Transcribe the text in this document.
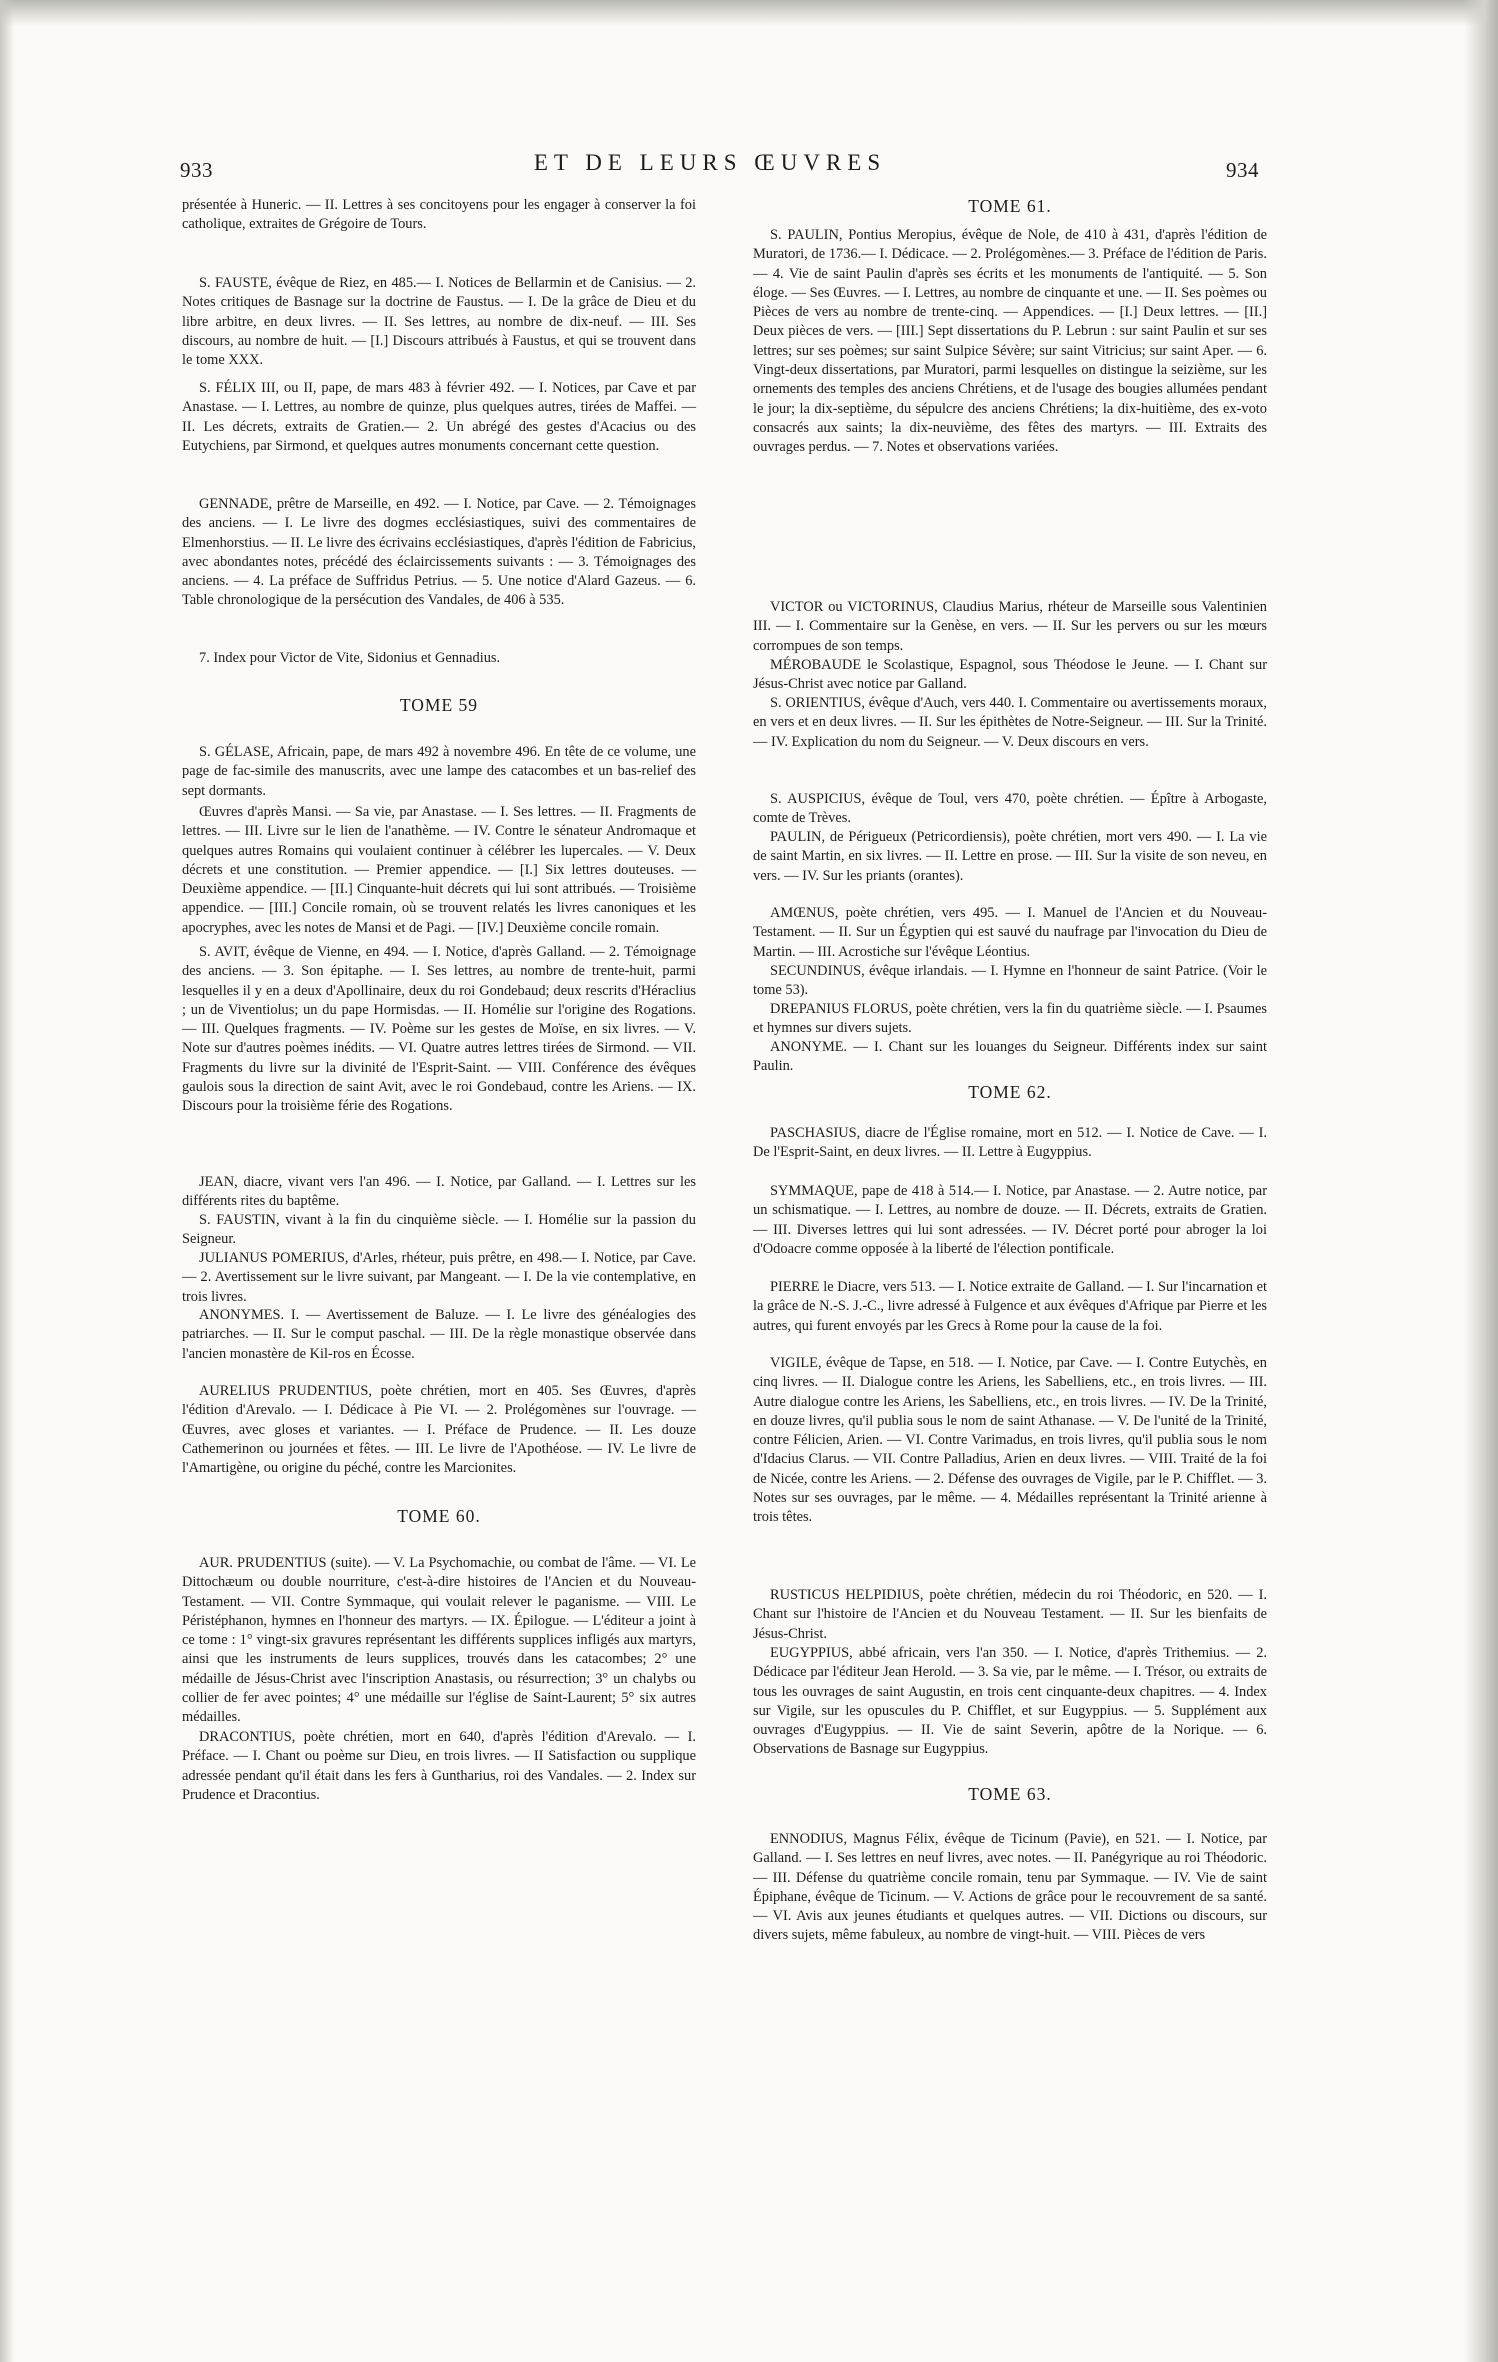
933	ET DE LEURS ŒUVRES	934

présentée à Huneric. — II. Lettres à ses concitoyens pour les engager à conserver la foi catholique, extraites de Grégoire de Tours.

S. FAUSTE, évêque de Riez, en 485.— I. Notices de Bellarmin et de Canisius. — 2. Notes critiques de Basnage sur la doctrine de Faustus. — I. De la grâce de Dieu et du libre arbitre, en deux livres. — II. Ses lettres, au nombre de dix-neuf. — III. Ses discours, au nombre de huit. — [I.] Discours attribués à Faustus, et qui se trouvent dans le tome XXX.

S. FÉLIX III, ou II, pape, de mars 483 à février 492. — I. Notices, par Cave et par Anastase. — I. Lettres, au nombre de quinze, plus quelques autres, tirées de Maffei. — II. Les décrets, extraits de Gratien.— 2. Un abrégé des gestes d'Acacius ou des Eutychiens, par Sirmond, et quelques autres monuments concernant cette question.

GENNADE, prêtre de Marseille, en 492. — I. Notice, par Cave. — 2. Témoignages des anciens. — I. Le livre des dogmes ecclésiastiques, suivi des commentaires de Elmenhorstius. — II. Le livre des écrivains ecclésiastiques, d'après l'édition de Fabricius, avec abondantes notes, précédé des éclaircissements suivants : — 3. Témoignages des anciens. — 4. La préface de Suffridus Petrius. — 5. Une notice d'Alard Gazeus. — 6. Table chronologique de la persécution des Vandales, de 406 à 535.

7. Index pour Victor de Vite, Sidonius et Gennadius.

TOME 59

S. GÉLASE, Africain, pape, de mars 492 à novembre 496. En tête de ce volume, une page de fac-simile des manuscrits, avec une lampe des catacombes et un bas-relief des sept dormants.

Œuvres d'après Mansi. — Sa vie, par Anastase. — I. Ses lettres. — II. Fragments de lettres. — III. Livre sur le lien de l'anathème. — IV. Contre le sénateur Andromaque et quelques autres Romains qui voulaient continuer à célébrer les lupercales. — V. Deux décrets et une constitution. — Premier appendice. — [I.] Six lettres douteuses. — Deuxième appendice. — [II.] Cinquante-huit décrets qui lui sont attribués. — Troisième appendice. — [III.] Concile romain, où se trouvent relatés les livres canoniques et les apocryphes, avec les notes de Mansi et de Pagi. — [IV.] Deuxième concile romain.

S. AVIT, évêque de Vienne, en 494. — I. Notice, d'après Galland. — 2. Témoignage des anciens. — 3. Son épitaphe. — I. Ses lettres, au nombre de trente-huit, parmi lesquelles il y en a deux d'Apollinaire, deux du roi Gondebaud; deux rescrits d'Héraclius ; un de Viventiolus; un du pape Hormisdas. — II. Homélie sur l'origine des Rogations. — III. Quelques fragments. — IV. Poème sur les gestes de Moïse, en six livres. — V. Note sur d'autres poèmes inédits. — VI. Quatre autres lettres tirées de Sirmond. — VII. Fragments du livre sur la divinité de l'Esprit-Saint. — VIII. Conférence des évêques gaulois sous la direction de saint Avit, avec le roi Gondebaud, contre les Ariens. — IX. Discours pour la troisième férie des Rogations.

JEAN, diacre, vivant vers l'an 496. — I. Notice, par Galland. — I. Lettres sur les différents rites du baptême.

S. FAUSTIN, vivant à la fin du cinquième siècle. — I. Homélie sur la passion du Seigneur.

JULIANUS POMERIUS, d'Arles, rhéteur, puis prêtre, en 498.— I. Notice, par Cave. — 2. Avertissement sur le livre suivant, par Mangeant. — I. De la vie contemplative, en trois livres.

ANONYMES. I. — Avertissement de Baluze. — I. Le livre des généalogies des patriarches. — II. Sur le comput paschal. — III. De la règle monastique observée dans l'ancien monastère de Kil-ros en Écosse.

AURELIUS PRUDENTIUS, poète chrétien, mort en 405. Ses Œuvres, d'après l'édition d'Arevalo. — I. Dédicace à Pie VI. — 2. Prolégomènes sur l'ouvrage. — Œuvres, avec gloses et variantes. — I. Préface de Prudence. — II. Les douze Cathemerinon ou journées et fêtes. — III. Le livre de l'Apothéose. — IV. Le livre de l'Amartigène, ou origine du péché, contre les Marcionites.

TOME 60.

AUR. PRUDENTIUS (suite). — V. La Psychomachie, ou combat de l'âme. — VI. Le Dittochæum ou double nourriture, c'est-à-dire histoires de l'Ancien et du Nouveau-Testament. — VII. Contre Symmaque, qui voulait relever le paganisme. — VIII. Le Péristéphanon, hymnes en l'honneur des martyrs. — IX. Épilogue. — L'éditeur a joint à ce tome : 1° vingt-six gravures représentant les différents supplices infligés aux martyrs, ainsi que les instruments de leurs supplices, trouvés dans les catacombes; 2° une médaille de Jésus-Christ avec l'inscription Anastasis, ou résurrection; 3° un chalybs ou collier de fer avec pointes; 4° une médaille sur l'église de Saint-Laurent; 5° six autres médailles.

DRACONTIUS, poète chrétien, mort en 640, d'après l'édition d'Arevalo. — I. Préface. — I. Chant ou poème sur Dieu, en trois livres. — II Satisfaction ou supplique adressée pendant qu'il était dans les fers à Guntharius, roi des Vandales. — 2. Index sur Prudence et Dracontius.

TOME 61.

S. PAULIN, Pontius Meropius, évêque de Nole, de 410 à 431, d'après l'édition de Muratori, de 1736.— I. Dédicace. — 2. Prolégomènes.— 3. Préface de l'édition de Paris. — 4. Vie de saint Paulin d'après ses écrits et les monuments de l'antiquité. — 5. Son éloge. — Ses Œuvres. — I. Lettres, au nombre de cinquante et une. — II. Ses poèmes ou Pièces de vers au nombre de trente-cinq. — Appendices. — [I.] Deux lettres. — [II.] Deux pièces de vers. — [III.] Sept dissertations du P. Lebrun : sur saint Paulin et sur ses lettres; sur ses poèmes; sur saint Sulpice Sévère; sur saint Vitricius; sur saint Aper. — 6. Vingt-deux dissertations, par Muratori, parmi lesquelles on distingue la seizième, sur les ornements des temples des anciens Chrétiens, et de l'usage des bougies allumées pendant le jour; la dix-septième, du sépulcre des anciens Chrétiens; la dix-huitième, des ex-voto consacrés aux saints; la dix-neuvième, des fêtes des martyrs. — III. Extraits des ouvrages perdus. — 7. Notes et observations variées.

VICTOR ou VICTORINUS, Claudius Marius, rhéteur de Marseille sous Valentinien III. — I. Commentaire sur la Genèse, en vers. — II. Sur les pervers ou sur les mœurs corrompues de son temps.

MÉROBAUDE le Scolastique, Espagnol, sous Théodose le Jeune. — I. Chant sur Jésus-Christ avec notice par Galland.

S. ORIENTIUS, évêque d'Auch, vers 440. I. Commentaire ou avertissements moraux, en vers et en deux livres. — II. Sur les épithètes de Notre-Seigneur. — III. Sur la Trinité. — IV. Explication du nom du Seigneur. — V. Deux discours en vers.

S. AUSPICIUS, évêque de Toul, vers 470, poète chrétien. — Épître à Arbogaste, comte de Trèves.

PAULIN, de Périgueux (Petricordiensis), poète chrétien, mort vers 490. — I. La vie de saint Martin, en six livres. — II. Lettre en prose. — III. Sur la visite de son neveu, en vers. — IV. Sur les priants (orantes).

AMŒNUS, poète chrétien, vers 495. — I. Manuel de l'Ancien et du Nouveau-Testament. — II. Sur un Égyptien qui est sauvé du naufrage par l'invocation du Dieu de Martin. — III. Acrostiche sur l'évêque Léontius.

SECUNDINUS, évêque irlandais. — I. Hymne en l'honneur de saint Patrice. (Voir le tome 53).

DREPANIUS FLORUS, poète chrétien, vers la fin du quatrième siècle. — I. Psaumes et hymnes sur divers sujets.

ANONYME. — I. Chant sur les louanges du Seigneur. Différents index sur saint Paulin.

TOME 62.

PASCHASIUS, diacre de l'Église romaine, mort en 512. — I. Notice de Cave. — I. De l'Esprit-Saint, en deux livres. — II. Lettre à Eugyppius.

SYMMAQUE, pape de 418 à 514.— I. Notice, par Anastase. — 2. Autre notice, par un schismatique. — I. Lettres, au nombre de douze. — II. Décrets, extraits de Gratien. — III. Diverses lettres qui lui sont adressées. — IV. Décret porté pour abroger la loi d'Odoacre comme opposée à la liberté de l'élection pontificale.

PIERRE le Diacre, vers 513. — I. Notice extraite de Galland. — I. Sur l'incarnation et la grâce de N.-S. J.-C., livre adressé à Fulgence et aux évêques d'Afrique par Pierre et les autres, qui furent envoyés par les Grecs à Rome pour la cause de la foi.

VIGILE, évêque de Tapse, en 518. — I. Notice, par Cave. — I. Contre Eutychès, en cinq livres. — II. Dialogue contre les Ariens, les Sabelliens, etc., en trois livres. — III. Autre dialogue contre les Ariens, les Sabelliens, etc., en trois livres. — IV. De la Trinité, en douze livres, qu'il publia sous le nom de saint Athanase. — V. De l'unité de la Trinité, contre Félicien, Arien. — VI. Contre Varimadus, en trois livres, qu'il publia sous le nom d'Idacius Clarus. — VII. Contre Palladius, Arien en deux livres. — VIII. Traité de la foi de Nicée, contre les Ariens. — 2. Défense des ouvrages de Vigile, par le P. Chifflet. — 3. Notes sur ses ouvrages, par le même. — 4. Médailles représentant la Trinité arienne à trois têtes.

RUSTICUS HELPIDIUS, poète chrétien, médecin du roi Théodoric, en 520. — I. Chant sur l'histoire de l'Ancien et du Nouveau Testament. — II. Sur les bienfaits de Jésus-Christ.

EUGYPPIUS, abbé africain, vers l'an 350. — I. Notice, d'après Trithemius. — 2. Dédicace par l'éditeur Jean Herold. — 3. Sa vie, par le même. — I. Trésor, ou extraits de tous les ouvrages de saint Augustin, en trois cent cinquante-deux chapitres. — 4. Index sur Vigile, sur les opuscules du P. Chifflet, et sur Eugyppius. — 5. Supplément aux ouvrages d'Eugyppius. — II. Vie de saint Severin, apôtre de la Norique. — 6. Observations de Basnage sur Eugyppius.

TOME 63.

ENNODIUS, Magnus Félix, évêque de Ticinum (Pavie), en 521. — I. Notice, par Galland. — I. Ses lettres en neuf livres, avec notes. — II. Panégyrique au roi Théodoric. — III. Défense du quatrième concile romain, tenu par Symmaque. — IV. Vie de saint Épiphane, évêque de Ticinum. — V. Actions de grâce pour le recouvrement de sa santé. — VI. Avis aux jeunes étudiants et quelques autres. — VII. Dictions ou discours, sur divers sujets, même fabuleux, au nombre de vingt-huit. — VIII. Pièces de vers
